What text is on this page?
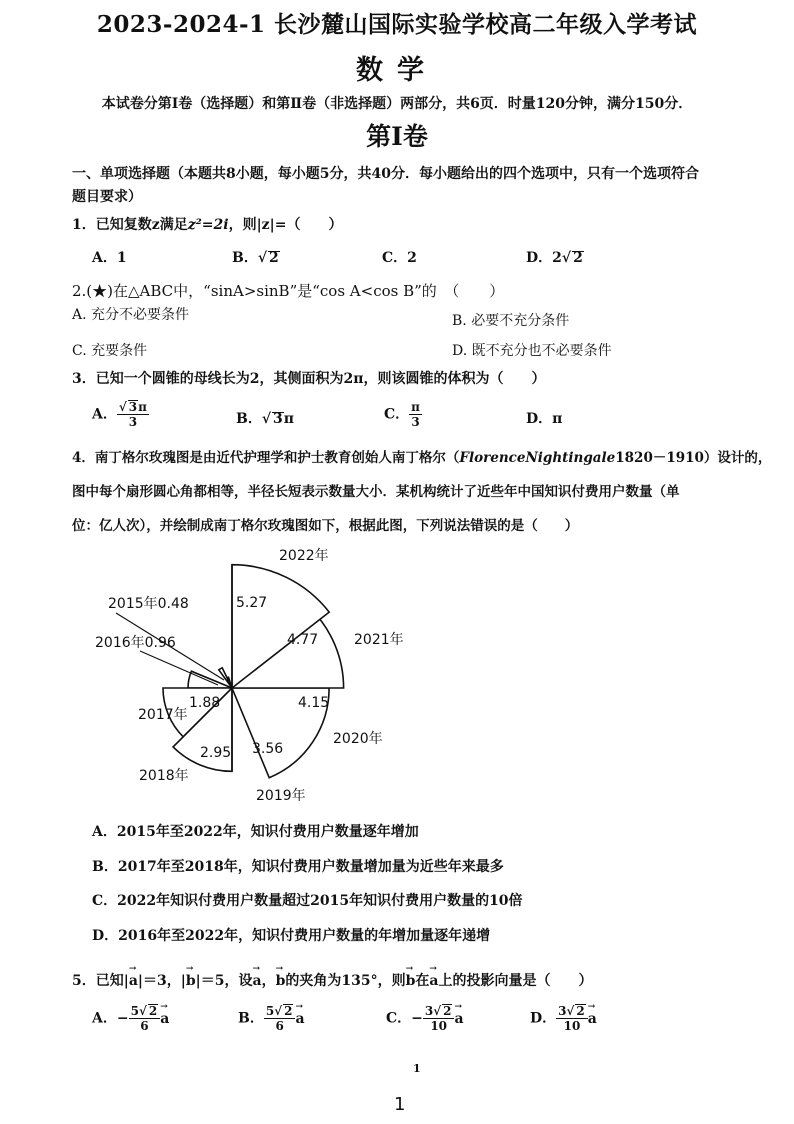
2023-2024-1 长沙麓山国际实验学校高二年级入学考试
数学
本试卷分第Ⅰ卷（选择题）和第Ⅱ卷（非选择题）两部分，共6页．时量120分钟，满分150分．
第Ⅰ卷
一、单项选择题（本题共8小题，每小题5分，共40分．每小题给出的四个选项中，只有一个选项符合
题目要求）
1．已知复数z满足z²=2i，则|z|=（　　）
A．1	B．√ 2	C．2	D．2√ 2
2.(★)在△ABC中，“sinA>sinB”是“cos A<cos B”的　（　　）
A. 充分不必要条件	B. 必要不充分条件
C. 充要条件	D. 既不充分也不必要条件
3．已知一个圆锥的母线长为2，其侧面积为2π，则该圆锥的体积为（　　）
A． $\frac{√ 3\pi}{3}$	B．√ 3π	C． $\frac{\pi}{3}$	D．π
4．南丁格尔玫瑰图是由近代护理学和护士教育创始人南丁格尔（FlorenceNightingale1820－1910）设计的，
图中每个扇形圆心角都相等，半径长短表示数量大小．某机构统计了近些年中国知识付费用户数量（单
位：亿人次），并绘制成南丁格尔玫瑰图如下，根据此图，下列说法错误的是（　　）
5.27
4.77
4.15
3.56
2.95
1.88
2022年
2021年
2020年
2019年
2018年
2017年
2015年0.48
2016年0.96
A．2015年至2022年，知识付费用户数量逐年增加
B．2017年至2018年，知识付费用户数量增加量为近些年来最多
C．2022年知识付费用户数量超过2015年知识付费用户数量的10倍
D．2016年至2022年，知识付费用户数量的年增加量逐年递增
5．已知|→ a|＝3，|→ b|＝5，设→ a，→ b的夹角为135°，则→ b在→ a上的投影向量是（　　）
A．− $\frac{5√ 2}{6}$
→ a	B． $\frac{5√ 2}{6}$
→ a	C．− $\frac{3√ 2}{10}$
→ a	D． $\frac{3√ 2}{10}$
→ a
1
1
